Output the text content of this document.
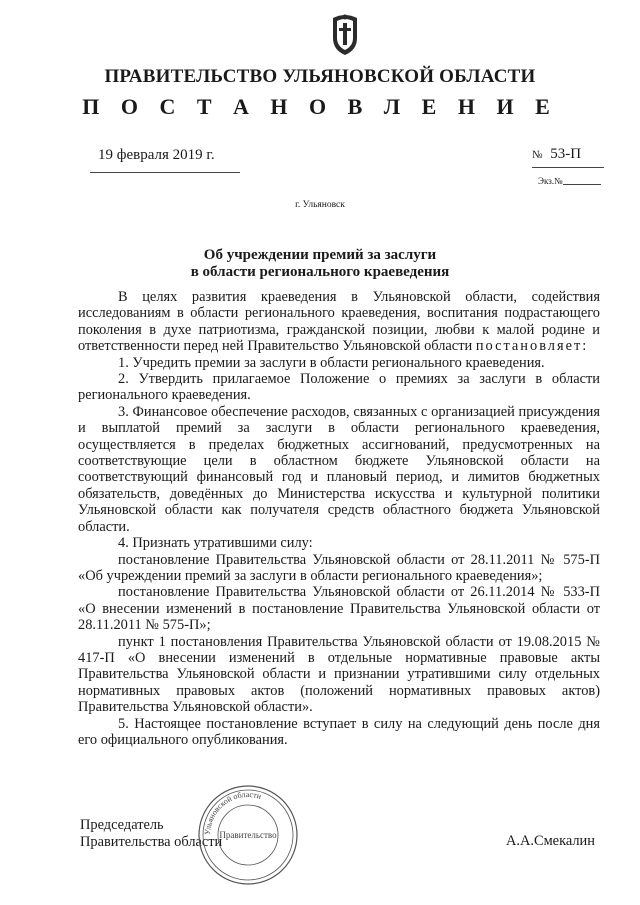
ПРАВИТЕЛЬСТВО УЛЬЯНОВСКОЙ ОБЛАСТИ
П О С Т А Н О В Л Е Н И Е
19 февраля 2019 г.	№ 53-П
Экз.№
г. Ульяновск
Об учреждении премий за заслуги
в области регионального краеведения

В целях развития краеведения в Ульяновской области, содействия исследованиям в области регионального краеведения, воспитания подрастающего поколения в духе патриотизма, гражданской позиции, любви к малой родине и ответственности перед ней Правительство Ульяновской области постановляет:

1. Учредить премии за заслуги в области регионального краеведения.

2. Утвердить прилагаемое Положение о премиях за заслуги в области регионального краеведения.

3. Финансовое обеспечение расходов, связанных с организацией присуждения и выплатой премий за заслуги в области регионального краеведения, осуществляется в пределах бюджетных ассигнований, предусмотренных на соответствующие цели в областном бюджете Ульяновской области на соответствующий финансовый год и плановый период, и лимитов бюджетных обязательств, доведённых до Министерства искусства и культурной политики Ульяновской области как получателя средств областного бюджета Ульяновской области.

4. Признать утратившими силу:

постановление Правительства Ульяновской области от 28.11.2011 № 575-П «Об учреждении премий за заслуги в области регионального краеведения»;

постановление Правительства Ульяновской области от 26.11.2014 № 533-П «О внесении изменений в постановление Правительства Ульяновской области от 28.11.2011 № 575-П»;

пункт 1 постановления Правительства Ульяновской области от 19.08.2015 № 417-П «О внесении изменений в отдельные нормативные правовые акты Правительства Ульяновской области и признании утратившими силу отдельных нормативных правовых актов (положений нормативных правовых актов) Правительства Ульяновской области».

5. Настоящее постановление вступает в силу на следующий день после дня его официального опубликования.

Председатель
Правительства области	А.А.Смекалин
Ульяновской области
Правительство
